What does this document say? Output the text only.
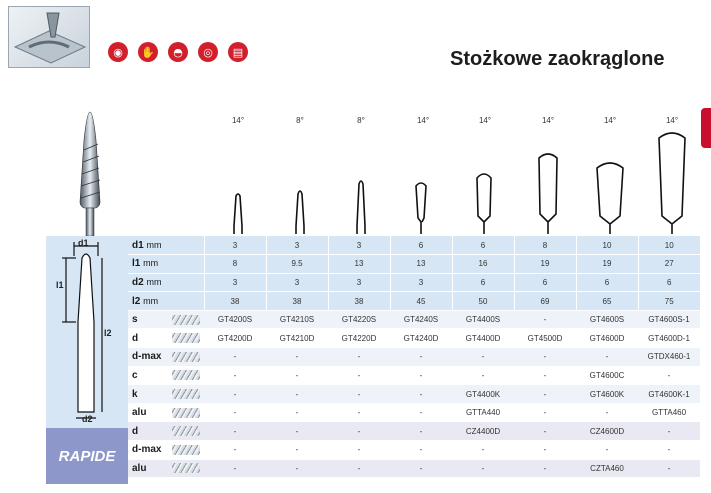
◉	✋	◓	◎	▤	Stożkowe zaokrąglone
14°	8°	8°	14°	14°	14°	14°	14°
d1
l1
l2
d2
RAPIDE
d1 mm		3	3	3	6	6	8	10	10
l1 mm		8	9.5	13	13	16	19	19	27
d2 mm		3	3	3	3	6	6	6	6
l2 mm		38	38	38	45	50	69	65	75
s		GT4200S	GT4210S	GT4220S	GT4240S	GT4400S	-	GT4600S	GT4600S-1
d		GT4200D	GT4210D	GT4220D	GT4240D	GT4400D	GT4500D	GT4600D	GT4600D-1
d-max		-	-	-	-	-	-	-	GTDX460-1
c		-	-	-	-	-	-	GT4600C	-
k		-	-	-	-	GT4400K	-	GT4600K	GT4600K-1
alu		-	-	-	-	GTTA440	-	-	GTTA460
d		-	-	-	-	CZ4400D	-	CZ4600D	-
d-max		-	-	-	-	-	-	-	-
alu		-	-	-	-	-	-	CZTA460	-
